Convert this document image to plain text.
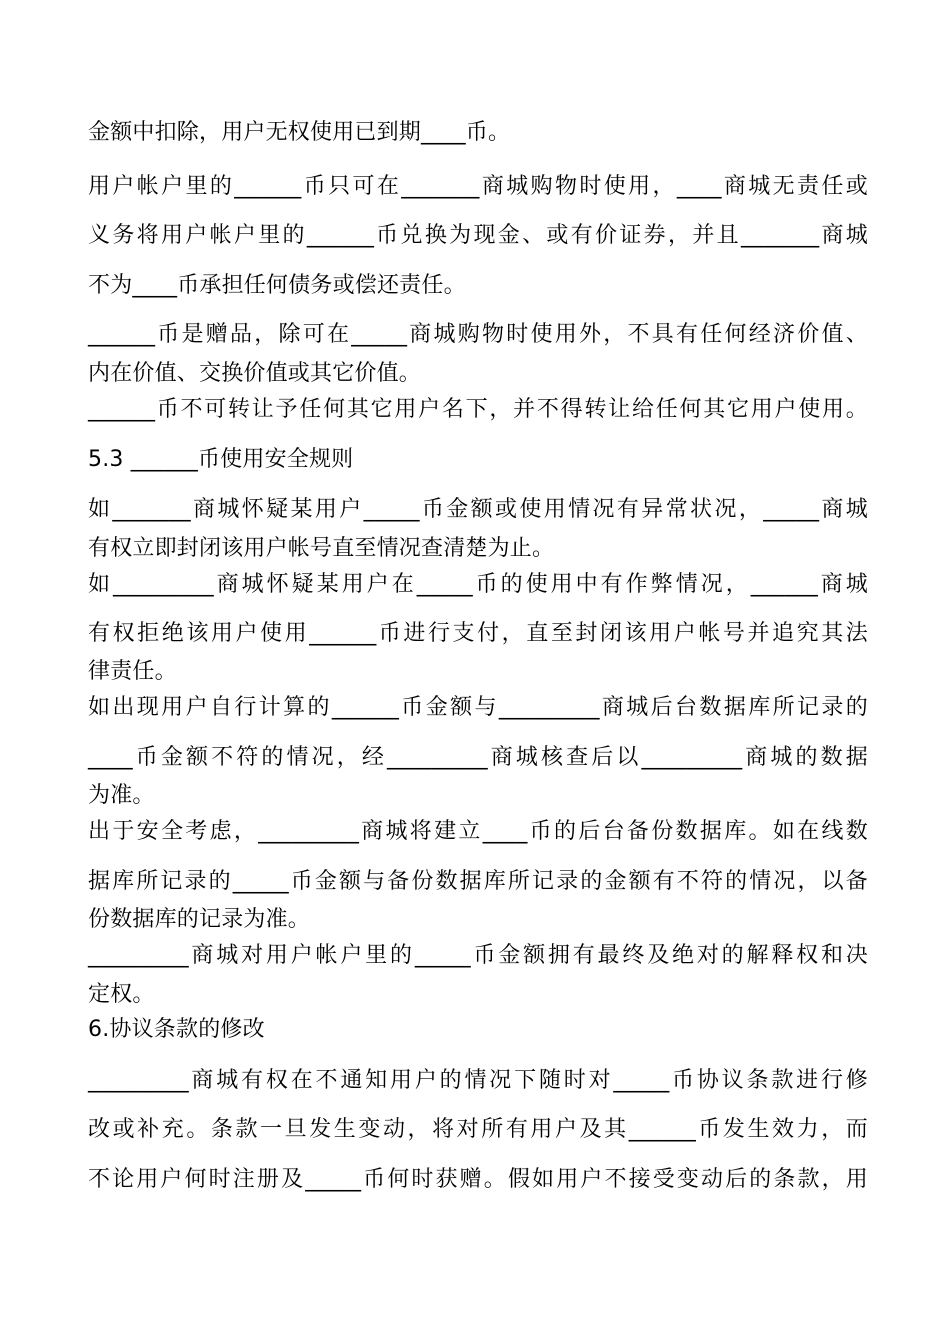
金额中扣除，用户无权使用已到期____币。
用户帐户里的______币只可在_______商城购物时使用，____商城无责任或
义务将用户帐户里的______币兑换为现金、或有价证券，并且_______商城
不为____币承担任何债务或偿还责任。
______币是赠品，除可在_____商城购物时使用外，不具有任何经济价值、
内在价值、交换价值或其它价值。
______币不可转让予任何其它用户名下，并不得转让给任何其它用户使用。
5.3 ______币使用安全规则
如_______商城怀疑某用户_____币金额或使用情况有异常状况，_____商城
有权立即封闭该用户帐号直至情况查清楚为止。
如_________商城怀疑某用户在_____币的使用中有作弊情况，______商城
有权拒绝该用户使用______币进行支付，直至封闭该用户帐号并追究其法
律责任。
如出现用户自行计算的______币金额与_________商城后台数据库所记录的
____币金额不符的情况，经_________商城核查后以_________商城的数据
为准。
出于安全考虑，_________商城将建立____币的后台备份数据库。如在线数
据库所记录的_____币金额与备份数据库所记录的金额有不符的情况，以备
份数据库的记录为准。
_________商城对用户帐户里的_____币金额拥有最终及绝对的解释权和决
定权。
6.协议条款的修改
_________商城有权在不通知用户的情况下随时对_____币协议条款进行修
改或补充。条款一旦发生变动，将对所有用户及其______币发生效力，而
不论用户何时注册及_____币何时获赠。假如用户不接受变动后的条款，用
